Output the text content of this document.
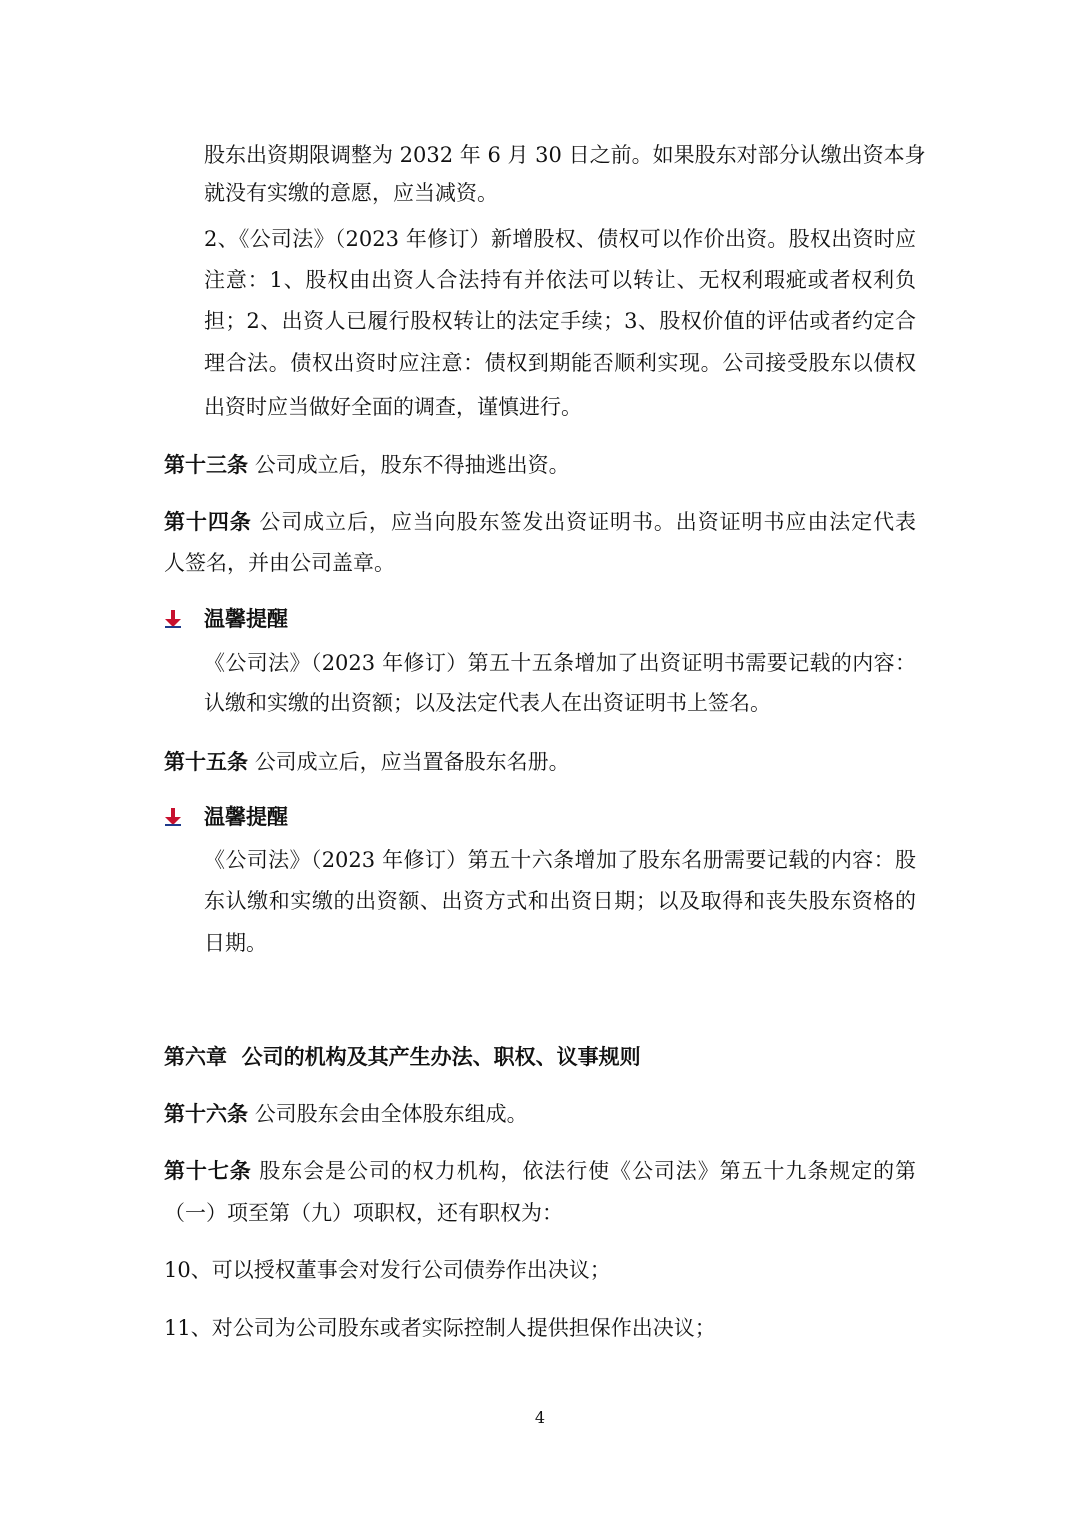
股东出资期限调整为 2032 年 6 月 30 日之前。如果股东对部分认缴出资本身

就没有实缴的意愿，应当减资。

2、《公司法》（2023 年修订）新增股权、债权可以作价出资。股权出资时应

注意：1、股权由出资人合法持有并依法可以转让、无权利瑕疵或者权利负

担；2、出资人已履行股权转让的法定手续；3、股权价值的评估或者约定合

理合法。债权出资时应注意：债权到期能否顺利实现。公司接受股东以债权

出资时应当做好全面的调查，谨慎进行。

第十三条 公司成立后，股东不得抽逃出资。

第十四条 公司成立后，应当向股东签发出资证明书。出资证明书应由法定代表

人签名，并由公司盖章。

温馨提醒

《公司法》（2023 年修订）第五十五条增加了出资证明书需要记载的内容：

认缴和实缴的出资额；以及法定代表人在出资证明书上签名。

第十五条 公司成立后，应当置备股东名册。

温馨提醒

《公司法》（2023 年修订）第五十六条增加了股东名册需要记载的内容：股

东认缴和实缴的出资额、出资方式和出资日期；以及取得和丧失股东资格的

日期。

第六章  公司的机构及其产生办法、职权、议事规则

第十六条 公司股东会由全体股东组成。

第十七条 股东会是公司的权力机构，依法行使《公司法》第五十九条规定的第

（一）项至第（九）项职权，还有职权为：

10、可以授权董事会对发行公司债券作出决议；

11、对公司为公司股东或者实际控制人提供担保作出决议；

4
